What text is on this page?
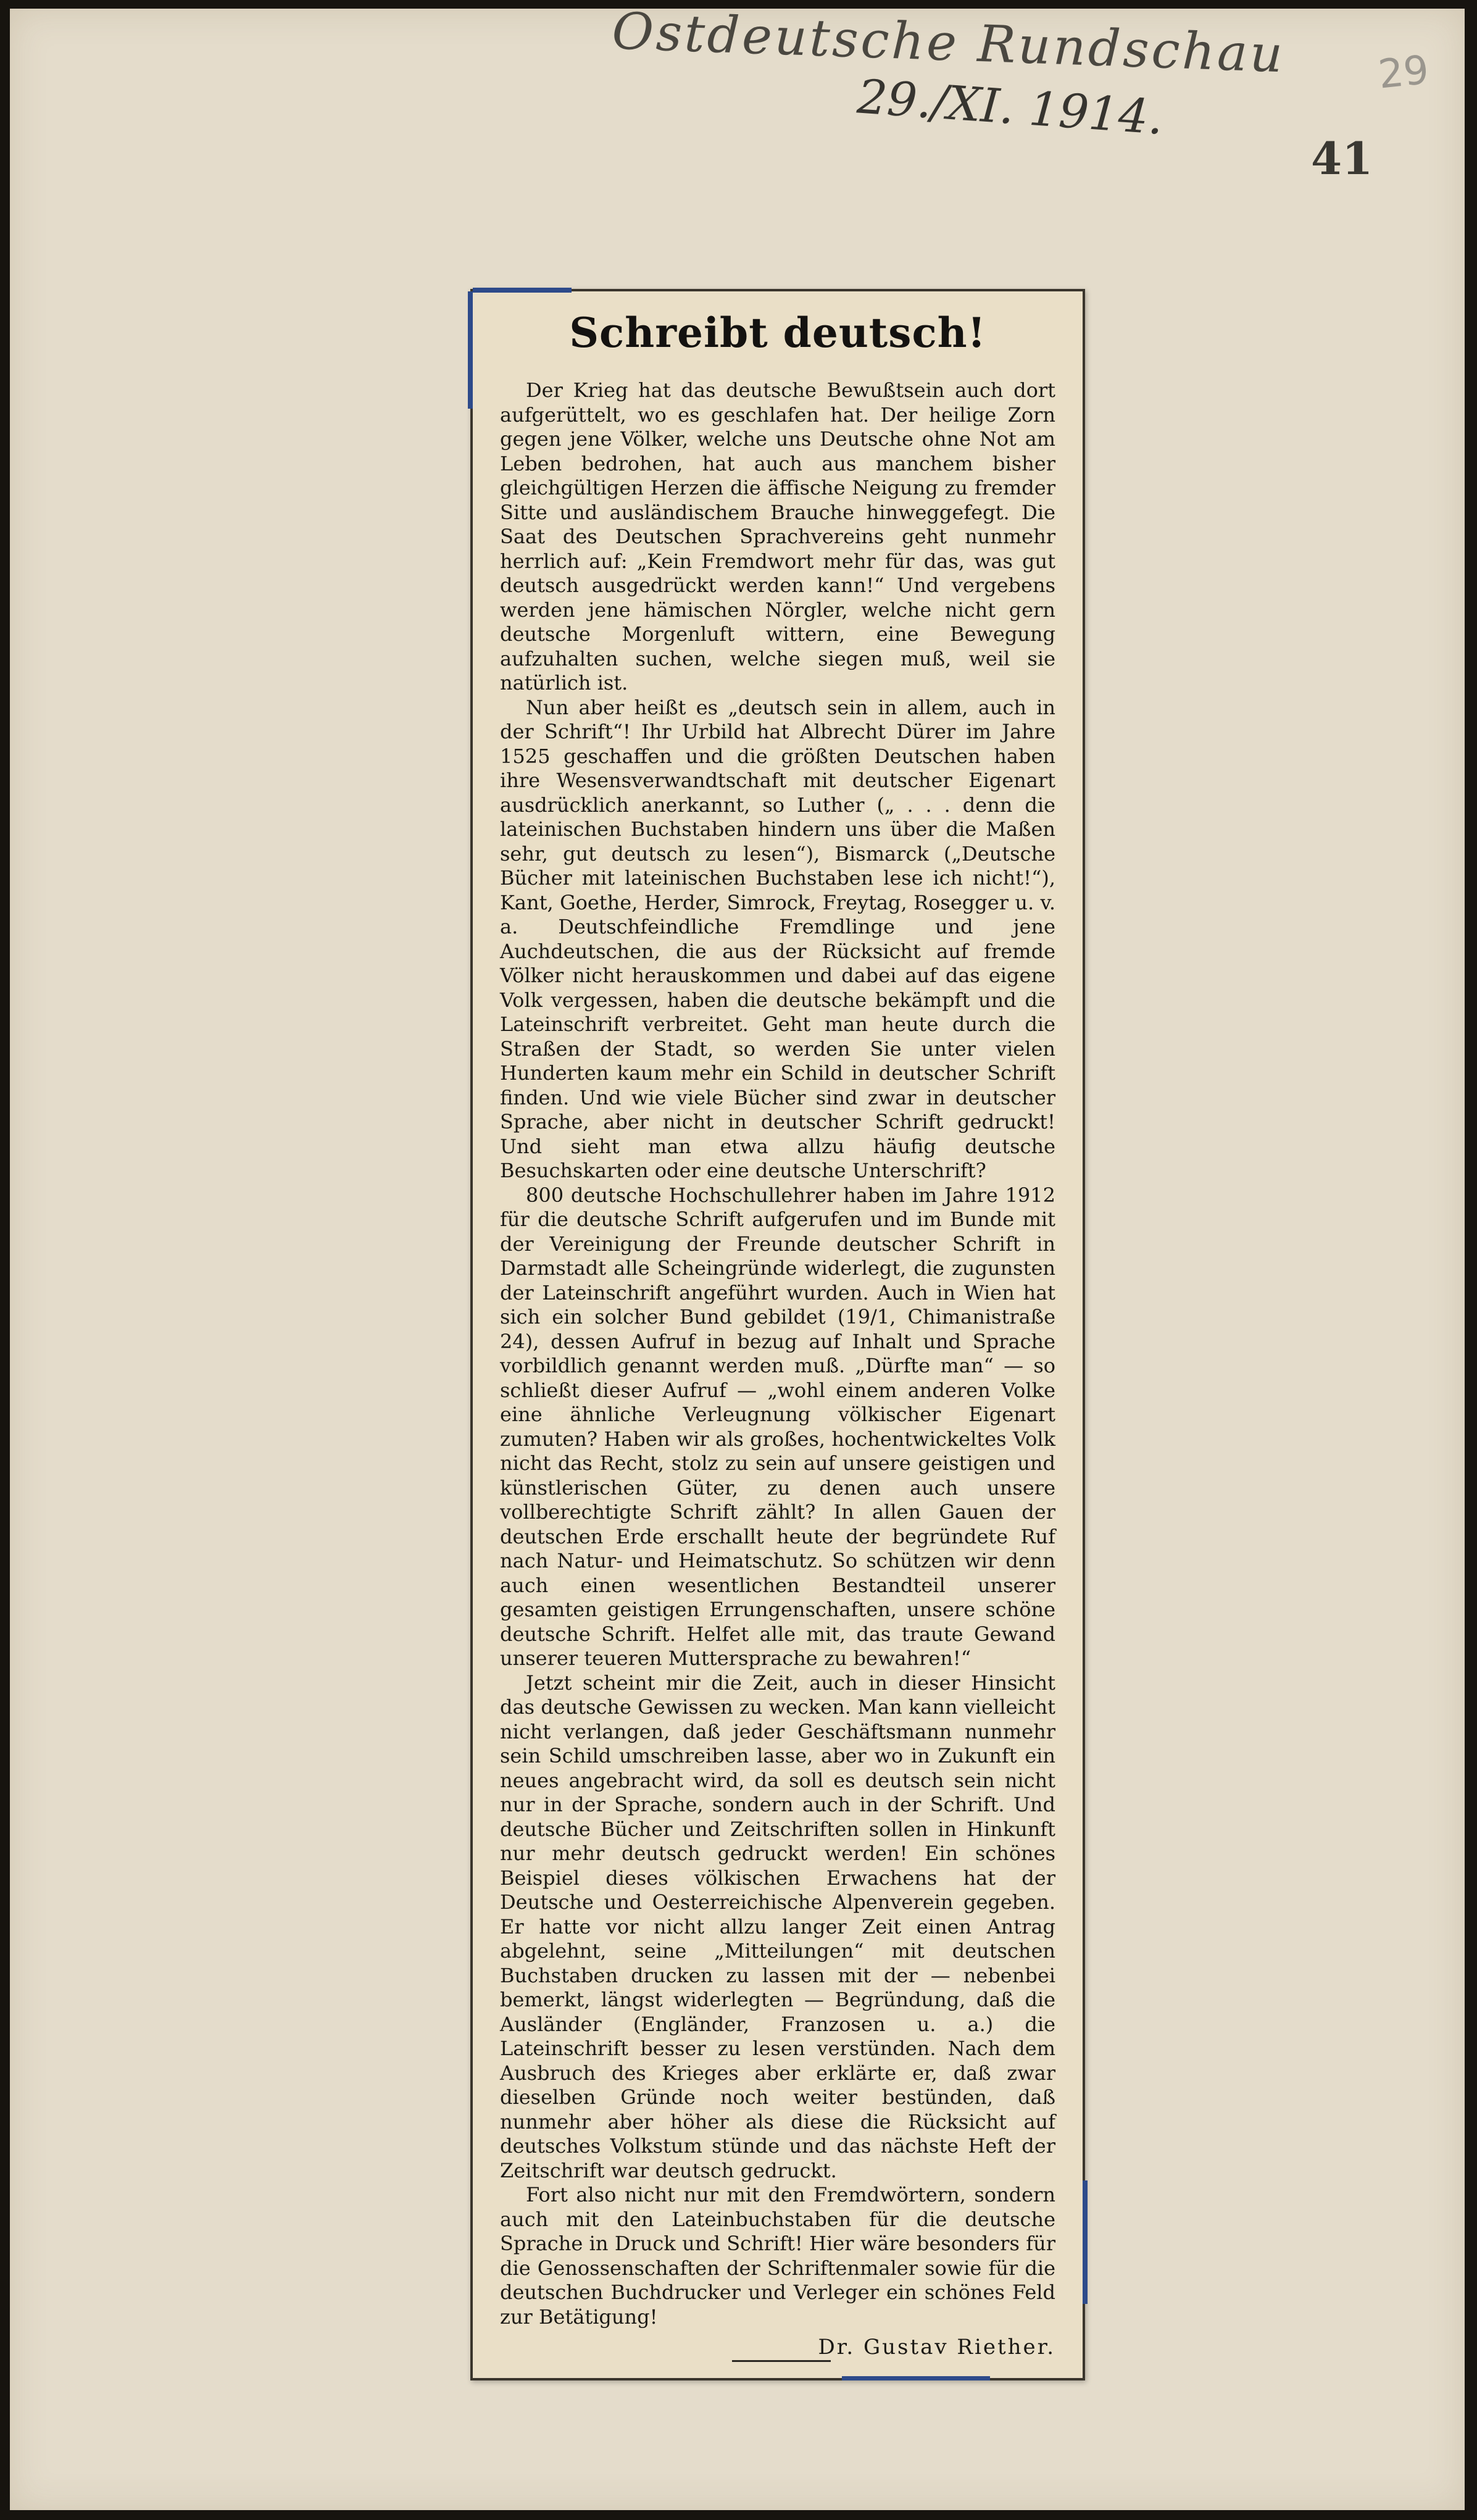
Ostdeutsche Rundschau
29./XI. 1914.	29
41
Schreibt deutsch!

Der Krieg hat das deutsche Bewußtsein auch dort aufgerüttelt, wo es geschlafen hat. Der heilige Zorn gegen jene Völker, welche uns Deutsche ohne Not am Leben bedrohen, hat auch aus manchem bisher gleichgültigen Herzen die äffische Neigung zu fremder Sitte und ausländischem Brauche hinweggefegt. Die Saat des Deutschen Sprachvereins geht nunmehr herrlich auf: „Kein Fremdwort mehr für das, was gut deutsch ausgedrückt werden kann!“ Und vergebens werden jene hämischen Nörgler, welche nicht gern deutsche Morgenluft wittern, eine Bewegung aufzuhalten suchen, welche siegen muß, weil sie natürlich ist.

Nun aber heißt es „deutsch sein in allem, auch in der Schrift“! Ihr Urbild hat Albrecht Dürer im Jahre 1525 geschaffen und die größten Deutschen haben ihre Wesensverwandtschaft mit deutscher Eigenart ausdrücklich anerkannt, so Luther („ . . . denn die lateinischen Buchstaben hindern uns über die Maßen sehr, gut deutsch zu lesen“), Bismarck („Deutsche Bücher mit lateinischen Buchstaben lese ich nicht!“), Kant, Goethe, Herder, Simrock, Freytag, Rosegger u. v. a. Deutschfeindliche Fremdlinge und jene Auchdeutschen, die aus der Rücksicht auf fremde Völker nicht herauskommen und dabei auf das eigene Volk vergessen, haben die deutsche bekämpft und die Lateinschrift verbreitet. Geht man heute durch die Straßen der Stadt, so werden Sie unter vielen Hunderten kaum mehr ein Schild in deutscher Schrift finden. Und wie viele Bücher sind zwar in deutscher Sprache, aber nicht in deutscher Schrift gedruckt! Und sieht man etwa allzu häufig deutsche Besuchskarten oder eine deutsche Unterschrift?

800 deutsche Hochschullehrer haben im Jahre 1912 für die deutsche Schrift aufgerufen und im Bunde mit der Vereinigung der Freunde deutscher Schrift in Darmstadt alle Scheingründe widerlegt, die zugunsten der Lateinschrift angeführt wurden. Auch in Wien hat sich ein solcher Bund gebildet (19/1, Chimanistraße 24), dessen Aufruf in bezug auf Inhalt und Sprache vorbildlich genannt werden muß. „Dürfte man“ — so schließt dieser Aufruf — „wohl einem anderen Volke eine ähnliche Verleugnung völkischer Eigenart zumuten? Haben wir als großes, hochentwickeltes Volk nicht das Recht, stolz zu sein auf unsere geistigen und künstlerischen Güter, zu denen auch unsere vollberechtigte Schrift zählt? In allen Gauen der deutschen Erde erschallt heute der begründete Ruf nach Natur- und Heimatschutz. So schützen wir denn auch einen wesentlichen Bestandteil unserer gesamten geistigen Errungenschaften, unsere schöne deutsche Schrift. Helfet alle mit, das traute Gewand unserer teueren Muttersprache zu bewahren!“

Jetzt scheint mir die Zeit, auch in dieser Hinsicht das deutsche Gewissen zu wecken. Man kann vielleicht nicht verlangen, daß jeder Geschäftsmann nunmehr sein Schild umschreiben lasse, aber wo in Zukunft ein neues angebracht wird, da soll es deutsch sein nicht nur in der Sprache, sondern auch in der Schrift. Und deutsche Bücher und Zeitschriften sollen in Hinkunft nur mehr deutsch gedruckt werden! Ein schönes Beispiel dieses völkischen Erwachens hat der Deutsche und Oesterreichische Alpenverein gegeben. Er hatte vor nicht allzu langer Zeit einen Antrag abgelehnt, seine „Mitteilungen“ mit deutschen Buchstaben drucken zu lassen mit der — nebenbei bemerkt, längst widerlegten — Begründung, daß die Ausländer (Engländer, Franzosen u. a.) die Lateinschrift besser zu lesen verstünden. Nach dem Ausbruch des Krieges aber erklärte er, daß zwar dieselben Gründe noch weiter bestünden, daß nunmehr aber höher als diese die Rücksicht auf deutsches Volkstum stünde und das nächste Heft der Zeitschrift war deutsch gedruckt.

Fort also nicht nur mit den Fremdwörtern, sondern auch mit den Lateinbuchstaben für die deutsche Sprache in Druck und Schrift! Hier wäre besonders für die Genossenschaften der Schriftenmaler sowie für die deutschen Buchdrucker und Verleger ein schönes Feld zur Betätigung!

Dr. Gustav Riether.
